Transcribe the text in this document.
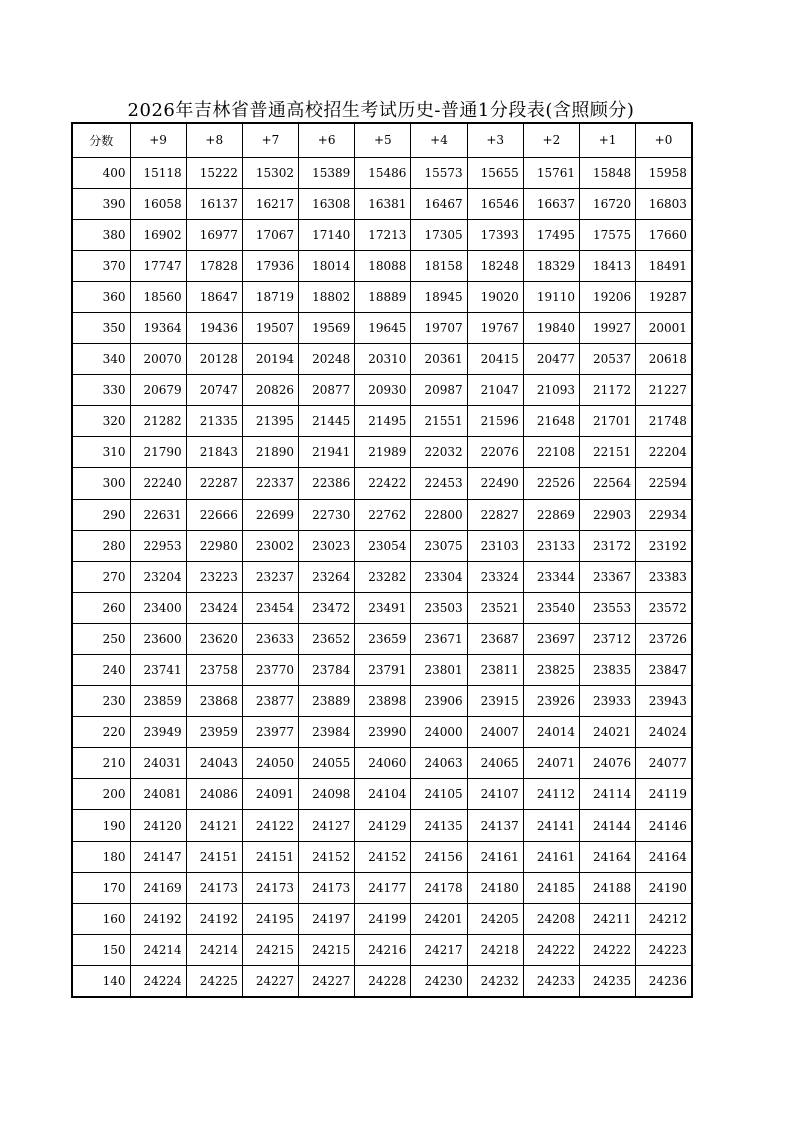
2026年吉林省普通高校招生考试历史-普通1分段表(含照顾分)
分数	+9	+8	+7	+6	+5	+4	+3	+2	+1	+0
400	15118	15222	15302	15389	15486	15573	15655	15761	15848	15958
390	16058	16137	16217	16308	16381	16467	16546	16637	16720	16803
380	16902	16977	17067	17140	17213	17305	17393	17495	17575	17660
370	17747	17828	17936	18014	18088	18158	18248	18329	18413	18491
360	18560	18647	18719	18802	18889	18945	19020	19110	19206	19287
350	19364	19436	19507	19569	19645	19707	19767	19840	19927	20001
340	20070	20128	20194	20248	20310	20361	20415	20477	20537	20618
330	20679	20747	20826	20877	20930	20987	21047	21093	21172	21227
320	21282	21335	21395	21445	21495	21551	21596	21648	21701	21748
310	21790	21843	21890	21941	21989	22032	22076	22108	22151	22204
300	22240	22287	22337	22386	22422	22453	22490	22526	22564	22594
290	22631	22666	22699	22730	22762	22800	22827	22869	22903	22934
280	22953	22980	23002	23023	23054	23075	23103	23133	23172	23192
270	23204	23223	23237	23264	23282	23304	23324	23344	23367	23383
260	23400	23424	23454	23472	23491	23503	23521	23540	23553	23572
250	23600	23620	23633	23652	23659	23671	23687	23697	23712	23726
240	23741	23758	23770	23784	23791	23801	23811	23825	23835	23847
230	23859	23868	23877	23889	23898	23906	23915	23926	23933	23943
220	23949	23959	23977	23984	23990	24000	24007	24014	24021	24024
210	24031	24043	24050	24055	24060	24063	24065	24071	24076	24077
200	24081	24086	24091	24098	24104	24105	24107	24112	24114	24119
190	24120	24121	24122	24127	24129	24135	24137	24141	24144	24146
180	24147	24151	24151	24152	24152	24156	24161	24161	24164	24164
170	24169	24173	24173	24173	24177	24178	24180	24185	24188	24190
160	24192	24192	24195	24197	24199	24201	24205	24208	24211	24212
150	24214	24214	24215	24215	24216	24217	24218	24222	24222	24223
140	24224	24225	24227	24227	24228	24230	24232	24233	24235	24236
